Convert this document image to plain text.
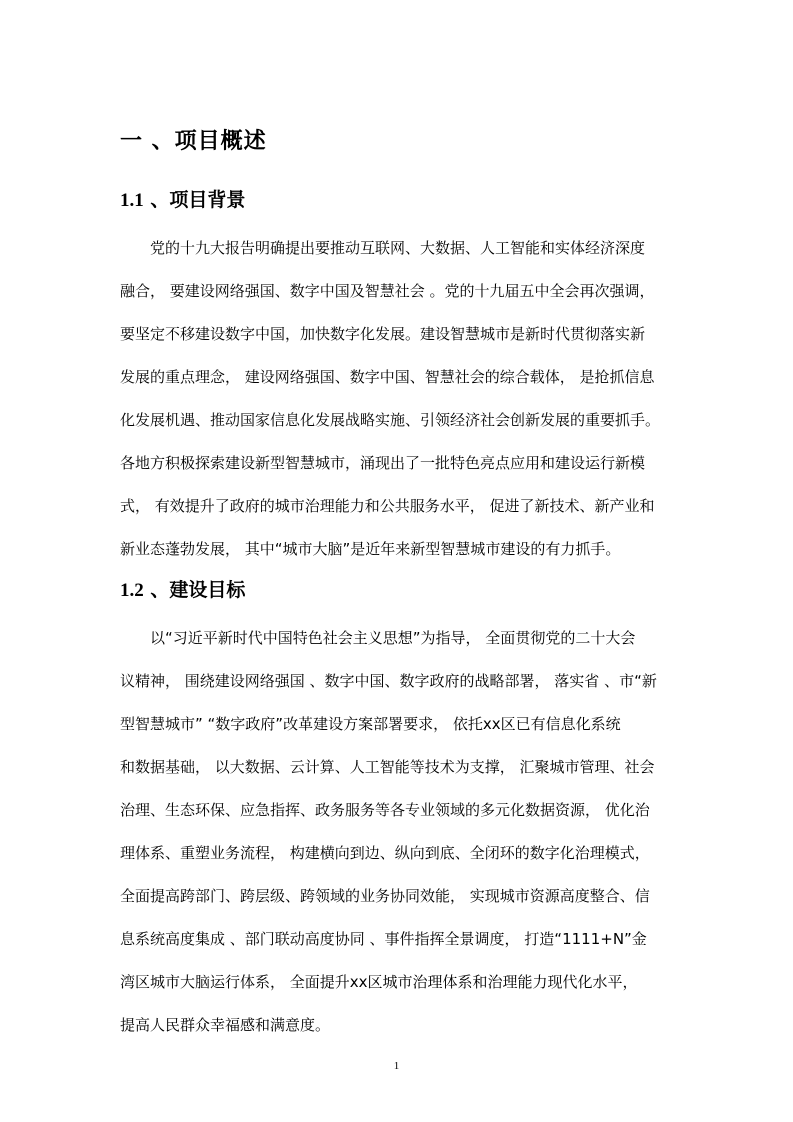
一 、项目概述
1.1 、项目背景
党的十九大报告明确提出要推动互联网、大数据、人工智能和实体经济深度
融合， 要建设网络强国、数字中国及智慧社会 。党的十九届五中全会再次强调，
要坚定不移建设数字中国，加快数字化发展。建设智慧城市是新时代贯彻落实新
发展的重点理念， 建设网络强国、数字中国、智慧社会的综合载体， 是抢抓信息
化发展机遇、推动国家信息化发展战略实施、引领经济社会创新发展的重要抓手。
各地方积极探索建设新型智慧城市，涌现出了一批特色亮点应用和建设运行新模
式， 有效提升了政府的城市治理能力和公共服务水平， 促进了新技术、新产业和
新业态蓬勃发展， 其中“城市大脑”是近年来新型智慧城市建设的有力抓手。
1.2 、建设目标
以“习近平新时代中国特色社会主义思想”为指导， 全面贯彻党的二十大会
议精神， 围绕建设网络强国 、数字中国、数字政府的战略部署， 落实省 、市“新
型智慧城市” “数字政府”改革建设方案部署要求， 依托xx区已有信息化系统
和数据基础， 以大数据、云计算、人工智能等技术为支撑， 汇聚城市管理、社会
治理、生态环保、应急指挥、政务服务等各专业领域的多元化数据资源， 优化治
理体系、重塑业务流程， 构建横向到边、纵向到底、全闭环的数字化治理模式，
全面提高跨部门、跨层级、跨领域的业务协同效能， 实现城市资源高度整合、信
息系统高度集成 、部门联动高度协同 、事件指挥全景调度， 打造“1111+N”金
湾区城市大脑运行体系， 全面提升xx区城市治理体系和治理能力现代化水平，
提高人民群众幸福感和满意度。
1
